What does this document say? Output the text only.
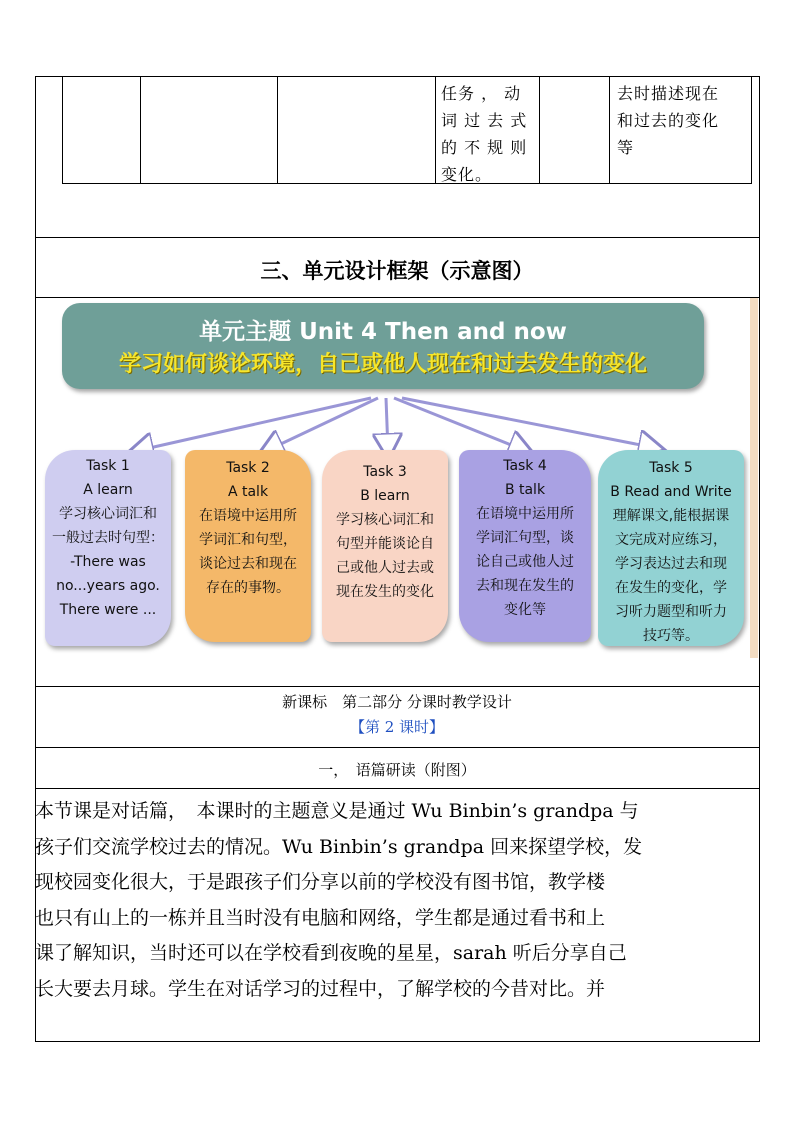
任务 ， 动
词 过 去 式
的 不 规 则
变化。
去时描述现在
和过去的变化
等
三、单元设计框架（示意图）
单元主题 Unit 4 Then and now
学习如何谈论环境，自己或他人现在和过去发生的变化
Task 1
A learn
学习核心词汇和
一般过去时句型：
-There was
no...years ago.
There were ...
Task 2
A talk
在语境中运用所
学词汇和句型，
谈论过去和现在
存在的事物。
Task 3
B learn
学习核心词汇和
句型并能谈论自
己或他人过去或
现在发生的变化
Task 4
B talk
在语境中运用所
学词汇句型，谈
论自己或他人过
去和现在发生的
变化等
Task 5
B Read and Write
理解课文,能根据课
文完成对应练习，
学习表达过去和现
在发生的变化，学
习听力题型和听力
技巧等。
新课标　第二部分 分课时教学设计
【第 2 课时】
一，　语篇研读（附图）
本节课是对话篇，　本课时的主题意义是通过 Wu Binbin’s grandpa 与
孩子们交流学校过去的情况。Wu Binbin’s grandpa 回来探望学校，发
现校园变化很大，于是跟孩子们分享以前的学校没有图书馆，教学楼
也只有山上的一栋并且当时没有电脑和网络，学生都是通过看书和上
课了解知识，当时还可以在学校看到夜晚的星星，sarah 听后分享自己
长大要去月球。学生在对话学习的过程中，了解学校的今昔对比。并
